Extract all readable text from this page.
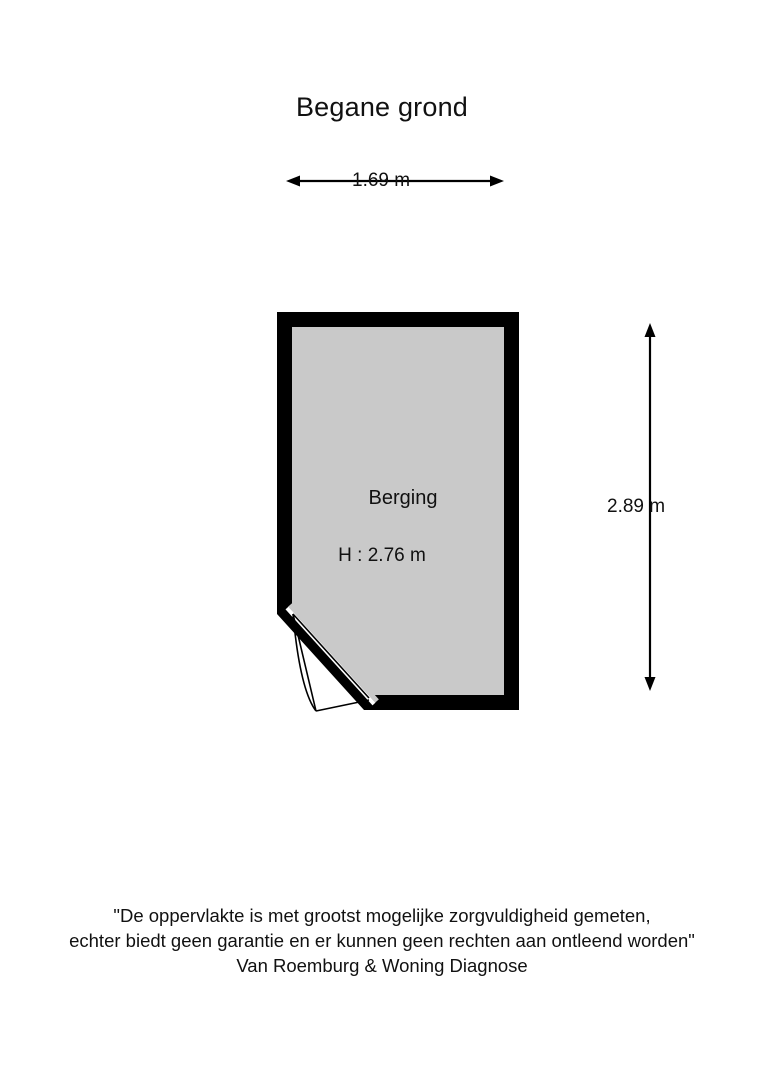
Begane grond
1.69 m
2.89 m
Berging
H : 2.76 m
"De oppervlakte is met grootst mogelijke zorgvuldigheid gemeten,
echter biedt geen garantie en er kunnen geen rechten aan ontleend worden"
Van Roemburg & Woning Diagnose
